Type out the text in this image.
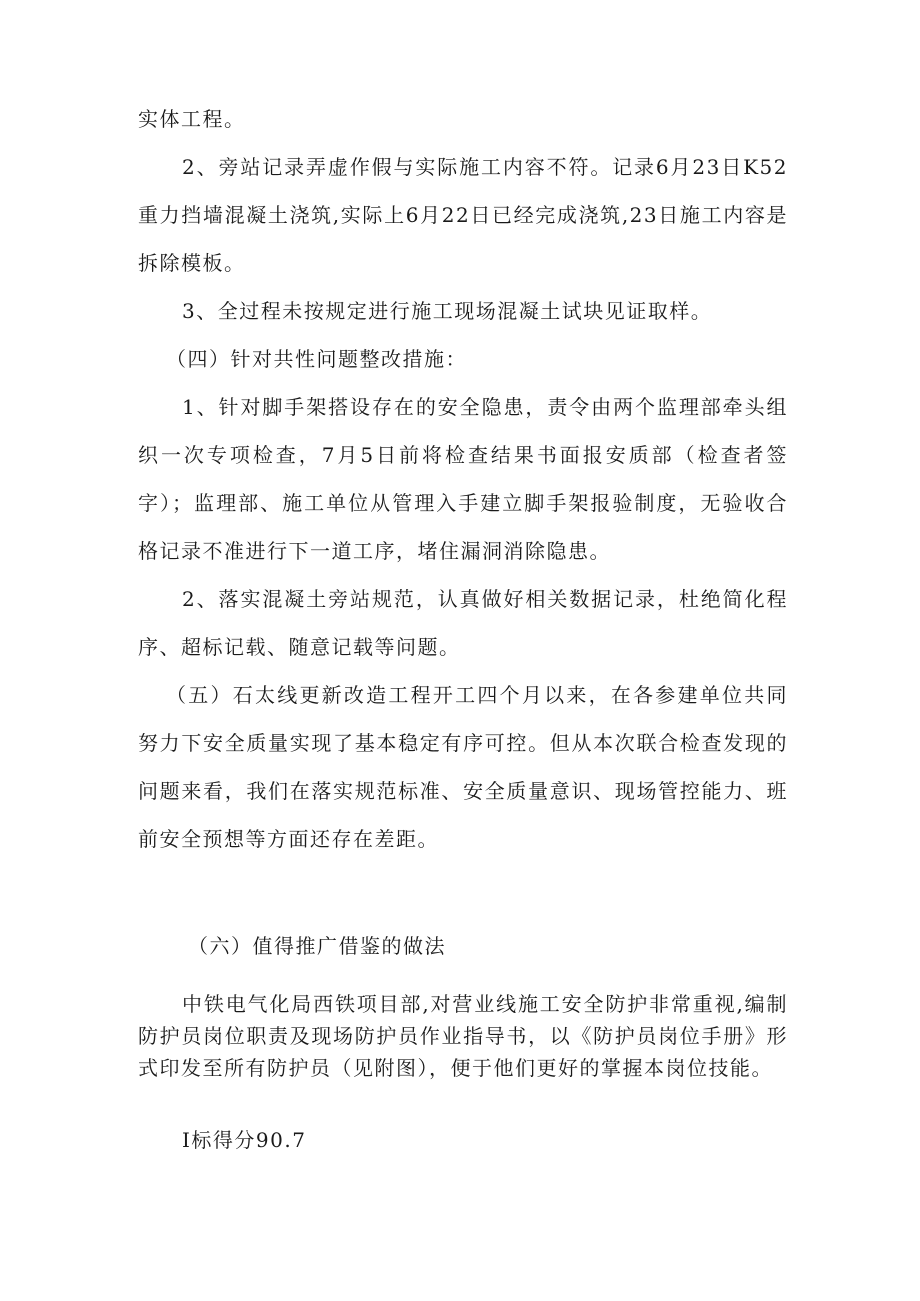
实体工程。

2、旁站记录弄虚作假与实际施工内容不符。记录6月23日K52重力挡墙混凝土浇筑,实际上6月22日已经完成浇筑,23日施工内容是拆除模板。

3、全过程未按规定进行施工现场混凝土试块见证取样。

（四）针对共性问题整改措施：

1、针对脚手架搭设存在的安全隐患，责令由两个监理部牵头组织一次专项检查，7月5日前将检查结果书面报安质部（检查者签字）；监理部、施工单位从管理入手建立脚手架报验制度，无验收合格记录不准进行下一道工序，堵住漏洞消除隐患。

2、落实混凝土旁站规范，认真做好相关数据记录，杜绝简化程序、超标记载、随意记载等问题。

（五）石太线更新改造工程开工四个月以来，在各参建单位共同努力下安全质量实现了基本稳定有序可控。但从本次联合检查发现的问题来看，我们在落实规范标准、安全质量意识、现场管控能力、班前安全预想等方面还存在差距。

（六）值得推广借鉴的做法

中铁电气化局西铁项目部,对营业线施工安全防护非常重视,编制防护员岗位职责及现场防护员作业指导书，以《防护员岗位手册》形式印发至所有防护员（见附图），便于他们更好的掌握本岗位技能。

Ⅰ标得分90.7
